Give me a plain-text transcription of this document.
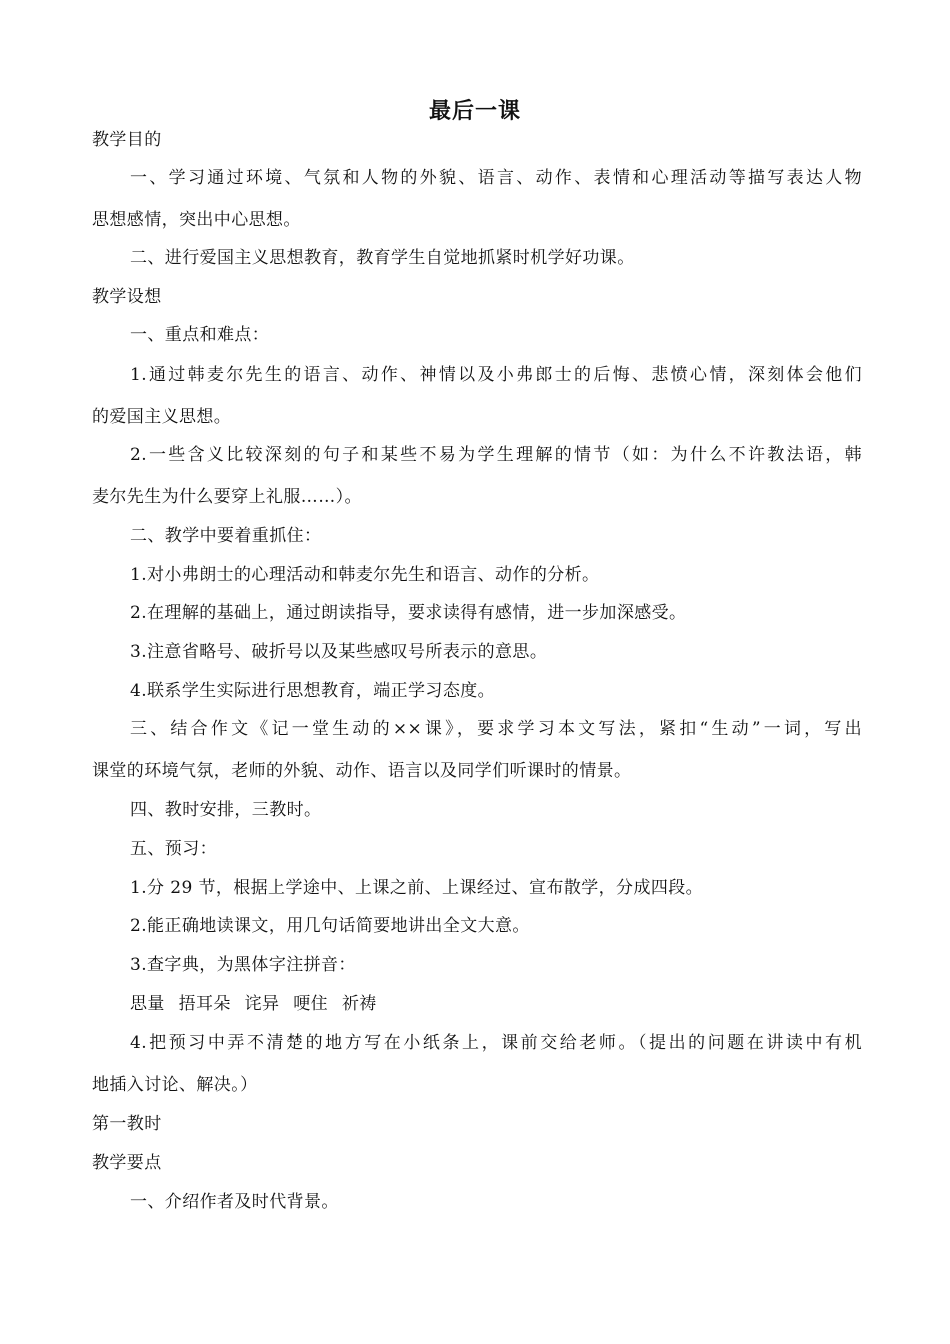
最后一课
教学目的
一、学习通过环境、气氛和人物的外貌、语言、动作、表情和心理活动等描写表达人物
思想感情，突出中心思想。
二、进行爱国主义思想教育，教育学生自觉地抓紧时机学好功课。
教学设想
一、重点和难点：
1.通过韩麦尔先生的语言、动作、神情以及小弗郎士的后悔、悲愤心情，深刻体会他们
的爱国主义思想。
2.一些含义比较深刻的句子和某些不易为学生理解的情节（如：为什么不许教法语，韩
麦尔先生为什么要穿上礼服……）。
二、教学中要着重抓住：
1.对小弗朗士的心理活动和韩麦尔先生和语言、动作的分析。
2.在理解的基础上，通过朗读指导，要求读得有感情，进一步加深感受。
3.注意省略号、破折号以及某些感叹号所表示的意思。
4.联系学生实际进行思想教育，端正学习态度。
三、结合作文《记一堂生动的××课》，要求学习本文写法，紧扣“生动”一词，写出
课堂的环境气氛，老师的外貌、动作、语言以及同学们听课时的情景。
四、教时安排，三教时。
五、预习：
1.分 29 节，根据上学途中、上课之前、上课经过、宣布散学，分成四段。
2.能正确地读课文，用几句话简要地讲出全文大意。
3.查字典，为黑体字注拼音：
思量 捂耳朵 诧异 哽住 祈祷
4.把预习中弄不清楚的地方写在小纸条上，课前交给老师。（提出的问题在讲读中有机
地插入讨论、解决。）
第一教时
教学要点
一、介绍作者及时代背景。
